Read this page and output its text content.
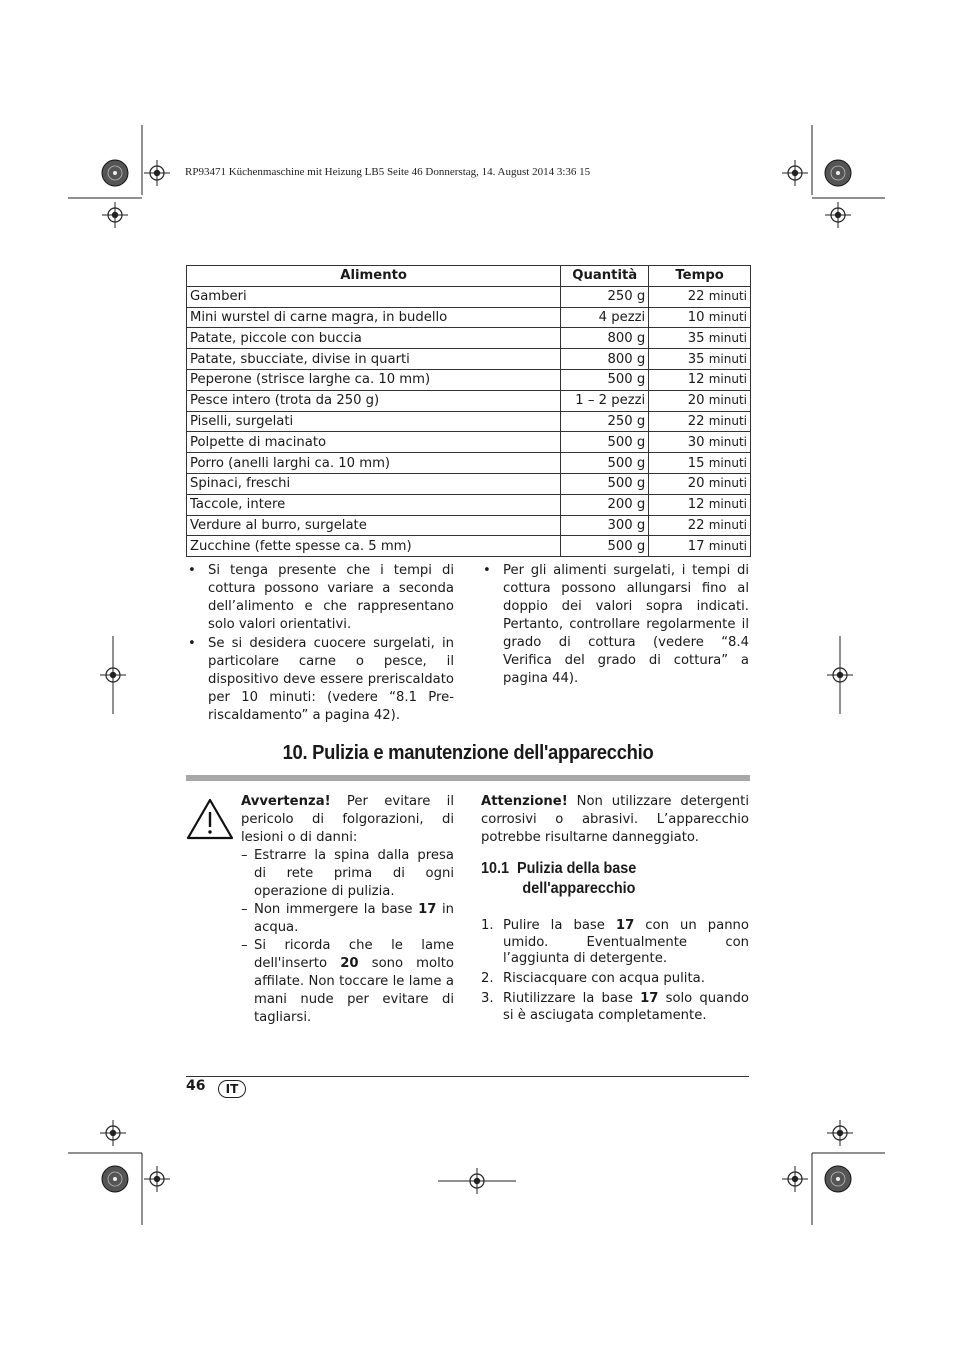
RP93471 Küchenmaschine mit Heizung LB5 Seite 46 Donnerstag, 14. August 2014 3:36 15
Alimento	Quantità	Tempo
Gamberi	250 g	22 minuti
Mini wurstel di carne magra, in budello	4 pezzi	10 minuti
Patate, piccole con buccia	800 g	35 minuti
Patate, sbucciate, divise in quarti	800 g	35 minuti
Peperone (strisce larghe ca. 10 mm)	500 g	12 minuti
Pesce intero (trota da 250 g)	1 – 2 pezzi	20 minuti
Piselli, surgelati	250 g	22 minuti
Polpette di macinato	500 g	30 minuti
Porro (anelli larghi ca. 10 mm)	500 g	15 minuti
Spinaci, freschi	500 g	20 minuti
Taccole, intere	200 g	12 minuti
Verdure al burro, surgelate	300 g	22 minuti
Zucchine (fette spesse ca. 5 mm)	500 g	17 minuti
• Si tenga presente che i tempi di cottura possono variare a seconda dell’alimento e che rappresentano solo valori orientativi.
• Se si desidera cuocere surgelati, in particolare carne o pesce, il dispositivo deve essere preriscaldato per 10 minuti: (vedere “8.1 Pre-riscaldamento” a pagina 42).
• Per gli alimenti surgelati, i tempi di cottura possono allungarsi fino al doppio dei valori sopra indicati. Pertanto, controllare regolarmente il grado di cottura (vedere “8.4 Verifica del grado di cottura” a pagina 44).
10. Pulizia e manutenzione dell'apparecchio

Avvertenza! Per evitare il pericolo di folgorazioni, di lesioni o di danni:

– Estrarre la spina dalla presa di rete prima di ogni operazione di pulizia.
– Non immergere la base 17 in acqua.
– Si ricorda che le lame dell'inserto 20 sono molto affilate. Non toccare le lame a mani nude per evitare di tagliarsi.

Attenzione! Non utilizzare detergenti corrosivi o abrasivi. L’apparecchio potrebbe risultarne danneggiato.

10.1 Pulizia della base
dell'apparecchio
1. Pulire la base 17 con un panno umido. Eventualmente con l’aggiunta di detergente.
2. Risciacquare con acqua pulita.
3. Riutilizzare la base 17 solo quando si è asciugata completamente.
46	IT
